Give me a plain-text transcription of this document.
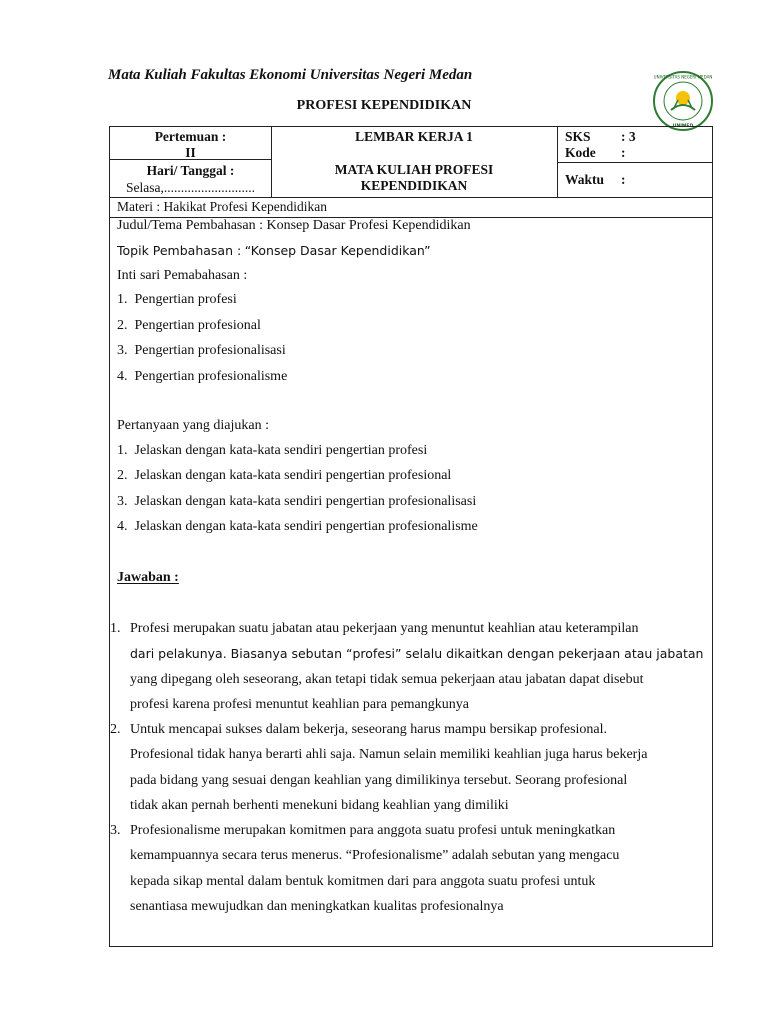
Mata Kuliah Fakultas Ekonomi Universitas Negeri Medan
PROFESI KEPENDIDIKAN
UNIVERSITAS NEGERI MEDAN
UNIMED
Pertemuan :
II
Hari/ Tanggal :
Selasa,...........................
LEMBAR KERJA 1
MATA KULIAH PROFESI
KEPENDIDIKAN
SKS : 3
Kode :
Waktu :
Materi : Hakikat Profesi Kependidikan
Judul/Tema Pembahasan : Konsep Dasar Profesi Kependidikan
Topik Pembahasan : “Konsep Dasar Kependidikan”
Inti sari Pemabahasan :
1.  Pengertian profesi
2.  Pengertian profesional
3.  Pengertian profesionalisasi
4.  Pengertian profesionalisme
Pertanyaan yang diajukan :
1.  Jelaskan dengan kata-kata sendiri pengertian profesi
2.  Jelaskan dengan kata-kata sendiri pengertian profesional
3.  Jelaskan dengan kata-kata sendiri pengertian profesionalisasi
4.  Jelaskan dengan kata-kata sendiri pengertian profesionalisme
Jawaban :
1. Profesi merupakan suatu jabatan atau pekerjaan yang menuntut keahlian atau keterampilan
dari pelakunya. Biasanya sebutan “profesi” selalu dikaitkan dengan pekerjaan atau jabatan
yang dipegang oleh seseorang, akan tetapi tidak semua pekerjaan atau jabatan dapat disebut
profesi karena profesi menuntut keahlian para pemangkunya
2. Untuk mencapai sukses dalam bekerja, seseorang harus mampu bersikap profesional.
Profesional tidak hanya berarti ahli saja. Namun selain memiliki keahlian juga harus bekerja
pada bidang yang sesuai dengan keahlian yang dimilikinya tersebut. Seorang profesional
tidak akan pernah berhenti menekuni bidang keahlian yang dimiliki
3. Profesionalisme merupakan komitmen para anggota suatu profesi untuk meningkatkan
kemampuannya secara terus menerus. “Profesionalisme” adalah sebutan yang mengacu
kepada sikap mental dalam bentuk komitmen dari para anggota suatu profesi untuk
senantiasa mewujudkan dan meningkatkan kualitas profesionalnya
